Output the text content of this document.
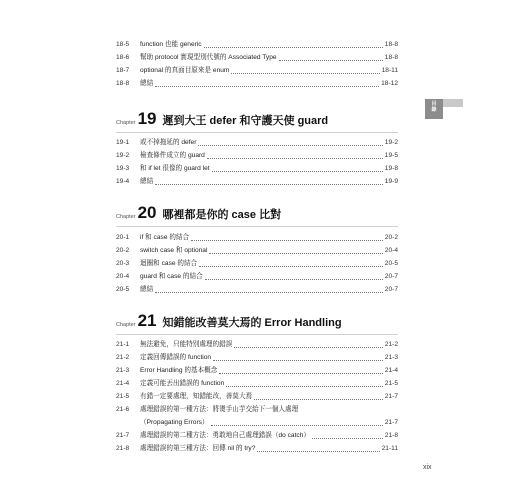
18-5	function 也能 generic	18-8
18-6	幫助 protocol 實現型別代號的 Associated Type	18-8
18-7	optional 的真面目原來是 enum	18-11
18-8	總結	18-12
目錄
Chapter 19 遲到大王 defer 和守護天使 guard
19-1	或不掉拖延的 defer	19-2
19-2	檢查條件成立的 guard	19-5
19-3	和 if let 很像的 guard let	19-8
19-4	總結	19-9
Chapter 20 哪裡都是你的 case 比對
20-1	if 和 case 的結合	20-2
20-2	switch case 和 optional	20-4
20-3	迴圈和 case 的結合	20-5
20-4	guard 和 case 的結合	20-7
20-5	總結	20-7
Chapter 21 知錯能改善莫大焉的 Error Handling
21-1	無法避免，只能特別處理的錯誤	21-2
21-2	定義回傳錯誤的 function	21-3
21-3	Error Handling 的基本概念	21-4
21-4	定義可能丟出錯誤的 function	21-5
21-5	有錯一定要處理，知錯能改，善莫大焉	21-7
21-6	處理錯誤的第一種方法：將燙手山芋交給下一個人處理
（Propagating Errors）	21-7
21-7	處理錯誤的第二種方法：勇敢地自己處理錯誤（do catch）	21-8
21-8	處理錯誤的第三種方法：回傳 nil 的 try?	21-11
xix
